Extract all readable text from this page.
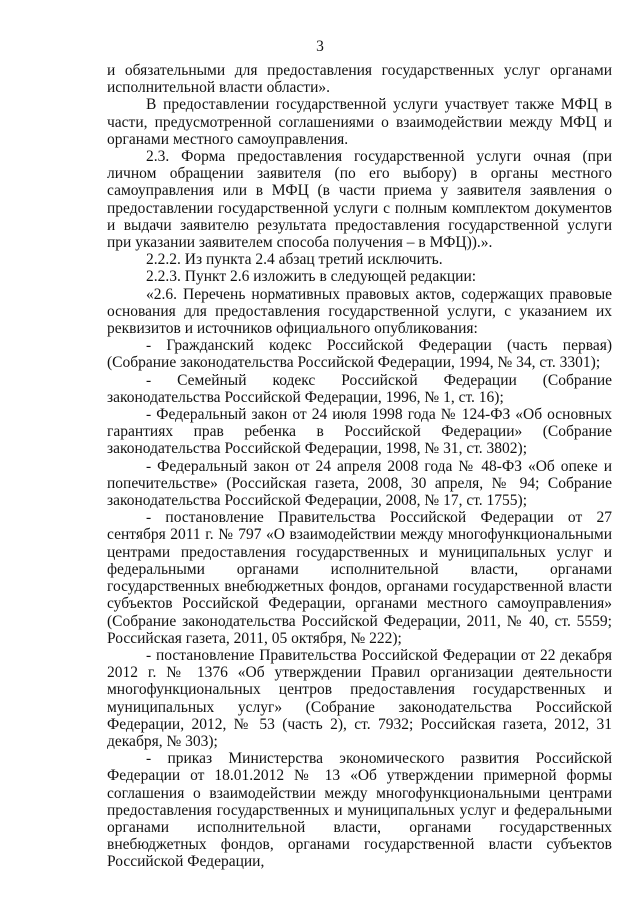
3

и обязательными для предоставления государственных услуг органами исполнительной власти области».

В предоставлении государственной услуги участвует также МФЦ в части, предусмотренной соглашениями о взаимодействии между МФЦ и органами местного самоуправления.

2.3. Форма предоставления государственной услуги очная (при личном обращении заявителя (по его выбору) в органы местного самоуправления или в МФЦ (в части приема у заявителя заявления о предоставлении государственной услуги с полным комплектом документов и выдачи заявителю результата предоставления государственной услуги при указании заявителем способа получения – в МФЦ)).».

2.2.2. Из пункта 2.4 абзац третий исключить.

2.2.3. Пункт 2.6 изложить в следующей редакции:

«2.6. Перечень нормативных правовых актов, содержащих правовые основания для предоставления государственной услуги, с указанием их реквизитов и источников официального опубликования:

- Гражданский кодекс Российской Федерации (часть первая) (Собрание законодательства Российской Федерации, 1994, № 34, ст. 3301);

- Семейный кодекс Российской Федерации (Собрание законодательства Российской Федерации, 1996, № 1, ст. 16);

- Федеральный закон от 24 июля 1998 года № 124-ФЗ «Об основных гарантиях прав ребенка в Российской Федерации» (Собрание законодательства Российской Федерации, 1998, № 31, ст. 3802);

- Федеральный закон от 24 апреля 2008 года № 48-ФЗ «Об опеке и попечительстве» (Российская газета, 2008, 30 апреля, № 94; Собрание законодательства Российской Федерации, 2008, № 17, ст. 1755);

- постановление Правительства Российской Федерации от 27 сентября 2011 г. № 797 «О взаимодействии между многофункциональными центрами предоставления государственных и муниципальных услуг и федеральными органами исполнительной власти, органами государственных внебюджетных фондов, органами государственной власти субъектов Российской Федерации, органами местного самоуправления» (Собрание законодательства Российской Федерации, 2011, № 40, ст. 5559; Российская газета, 2011, 05 октября, № 222);

- постановление Правительства Российской Федерации от 22 декабря 2012 г. № 1376 «Об утверждении Правил организации деятельности многофункциональных центров предоставления государственных и муниципальных услуг» (Собрание законодательства Российской Федерации, 2012, № 53 (часть 2), ст. 7932; Российская газета, 2012, 31 декабря, № 303);

- приказ Министерства экономического развития Российской Федерации от 18.01.2012 № 13 «Об утверждении примерной формы соглашения о взаимодействии между многофункциональными центрами предоставления государственных и муниципальных услуг и федеральными органами исполнительной власти, органами государственных внебюджетных фондов, органами государственной власти субъектов Российской Федерации,
